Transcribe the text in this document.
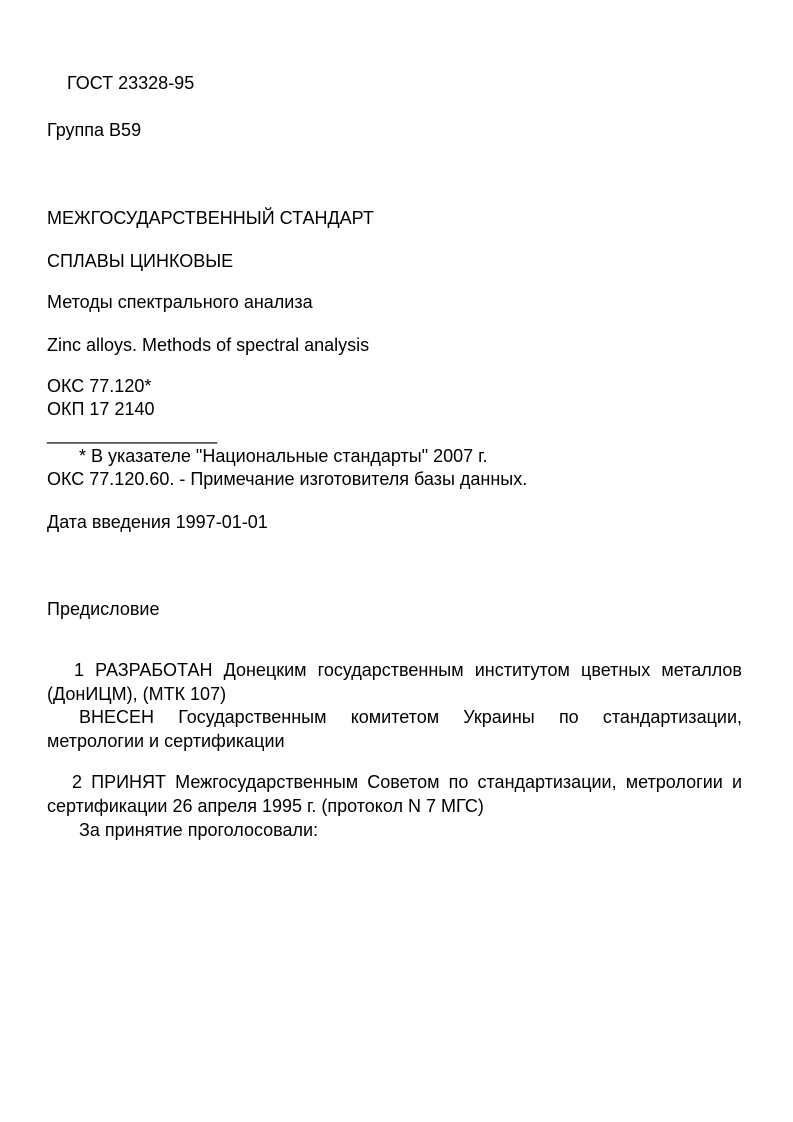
ГОСТ 23328-95
Группа В59
МЕЖГОСУДАРСТВЕННЫЙ СТАНДАРТ
СПЛАВЫ ЦИНКОВЫЕ
Методы спектрального анализа
Zinc alloys. Methods of spectral analysis
ОКС 77.120*
ОКП 17 2140
_________________
* В указателе "Национальные стандарты" 2007 г.
ОКС 77.120.60. - Примечание изготовителя базы данных.
Дата введения 1997-01-01
Предисловие
1 РАЗРАБОТАН Донецким государственным институтом цветных металлов (ДонИЦМ), (МТК 107)
ВНЕСЕН Государственным комитетом Украины по стандартизации, метрологии и сертификации
2 ПРИНЯТ Межгосударственным Советом по стандартизации, метрологии и сертификации 26 апреля 1995 г. (протокол N 7 МГС)
За принятие проголосовали:
